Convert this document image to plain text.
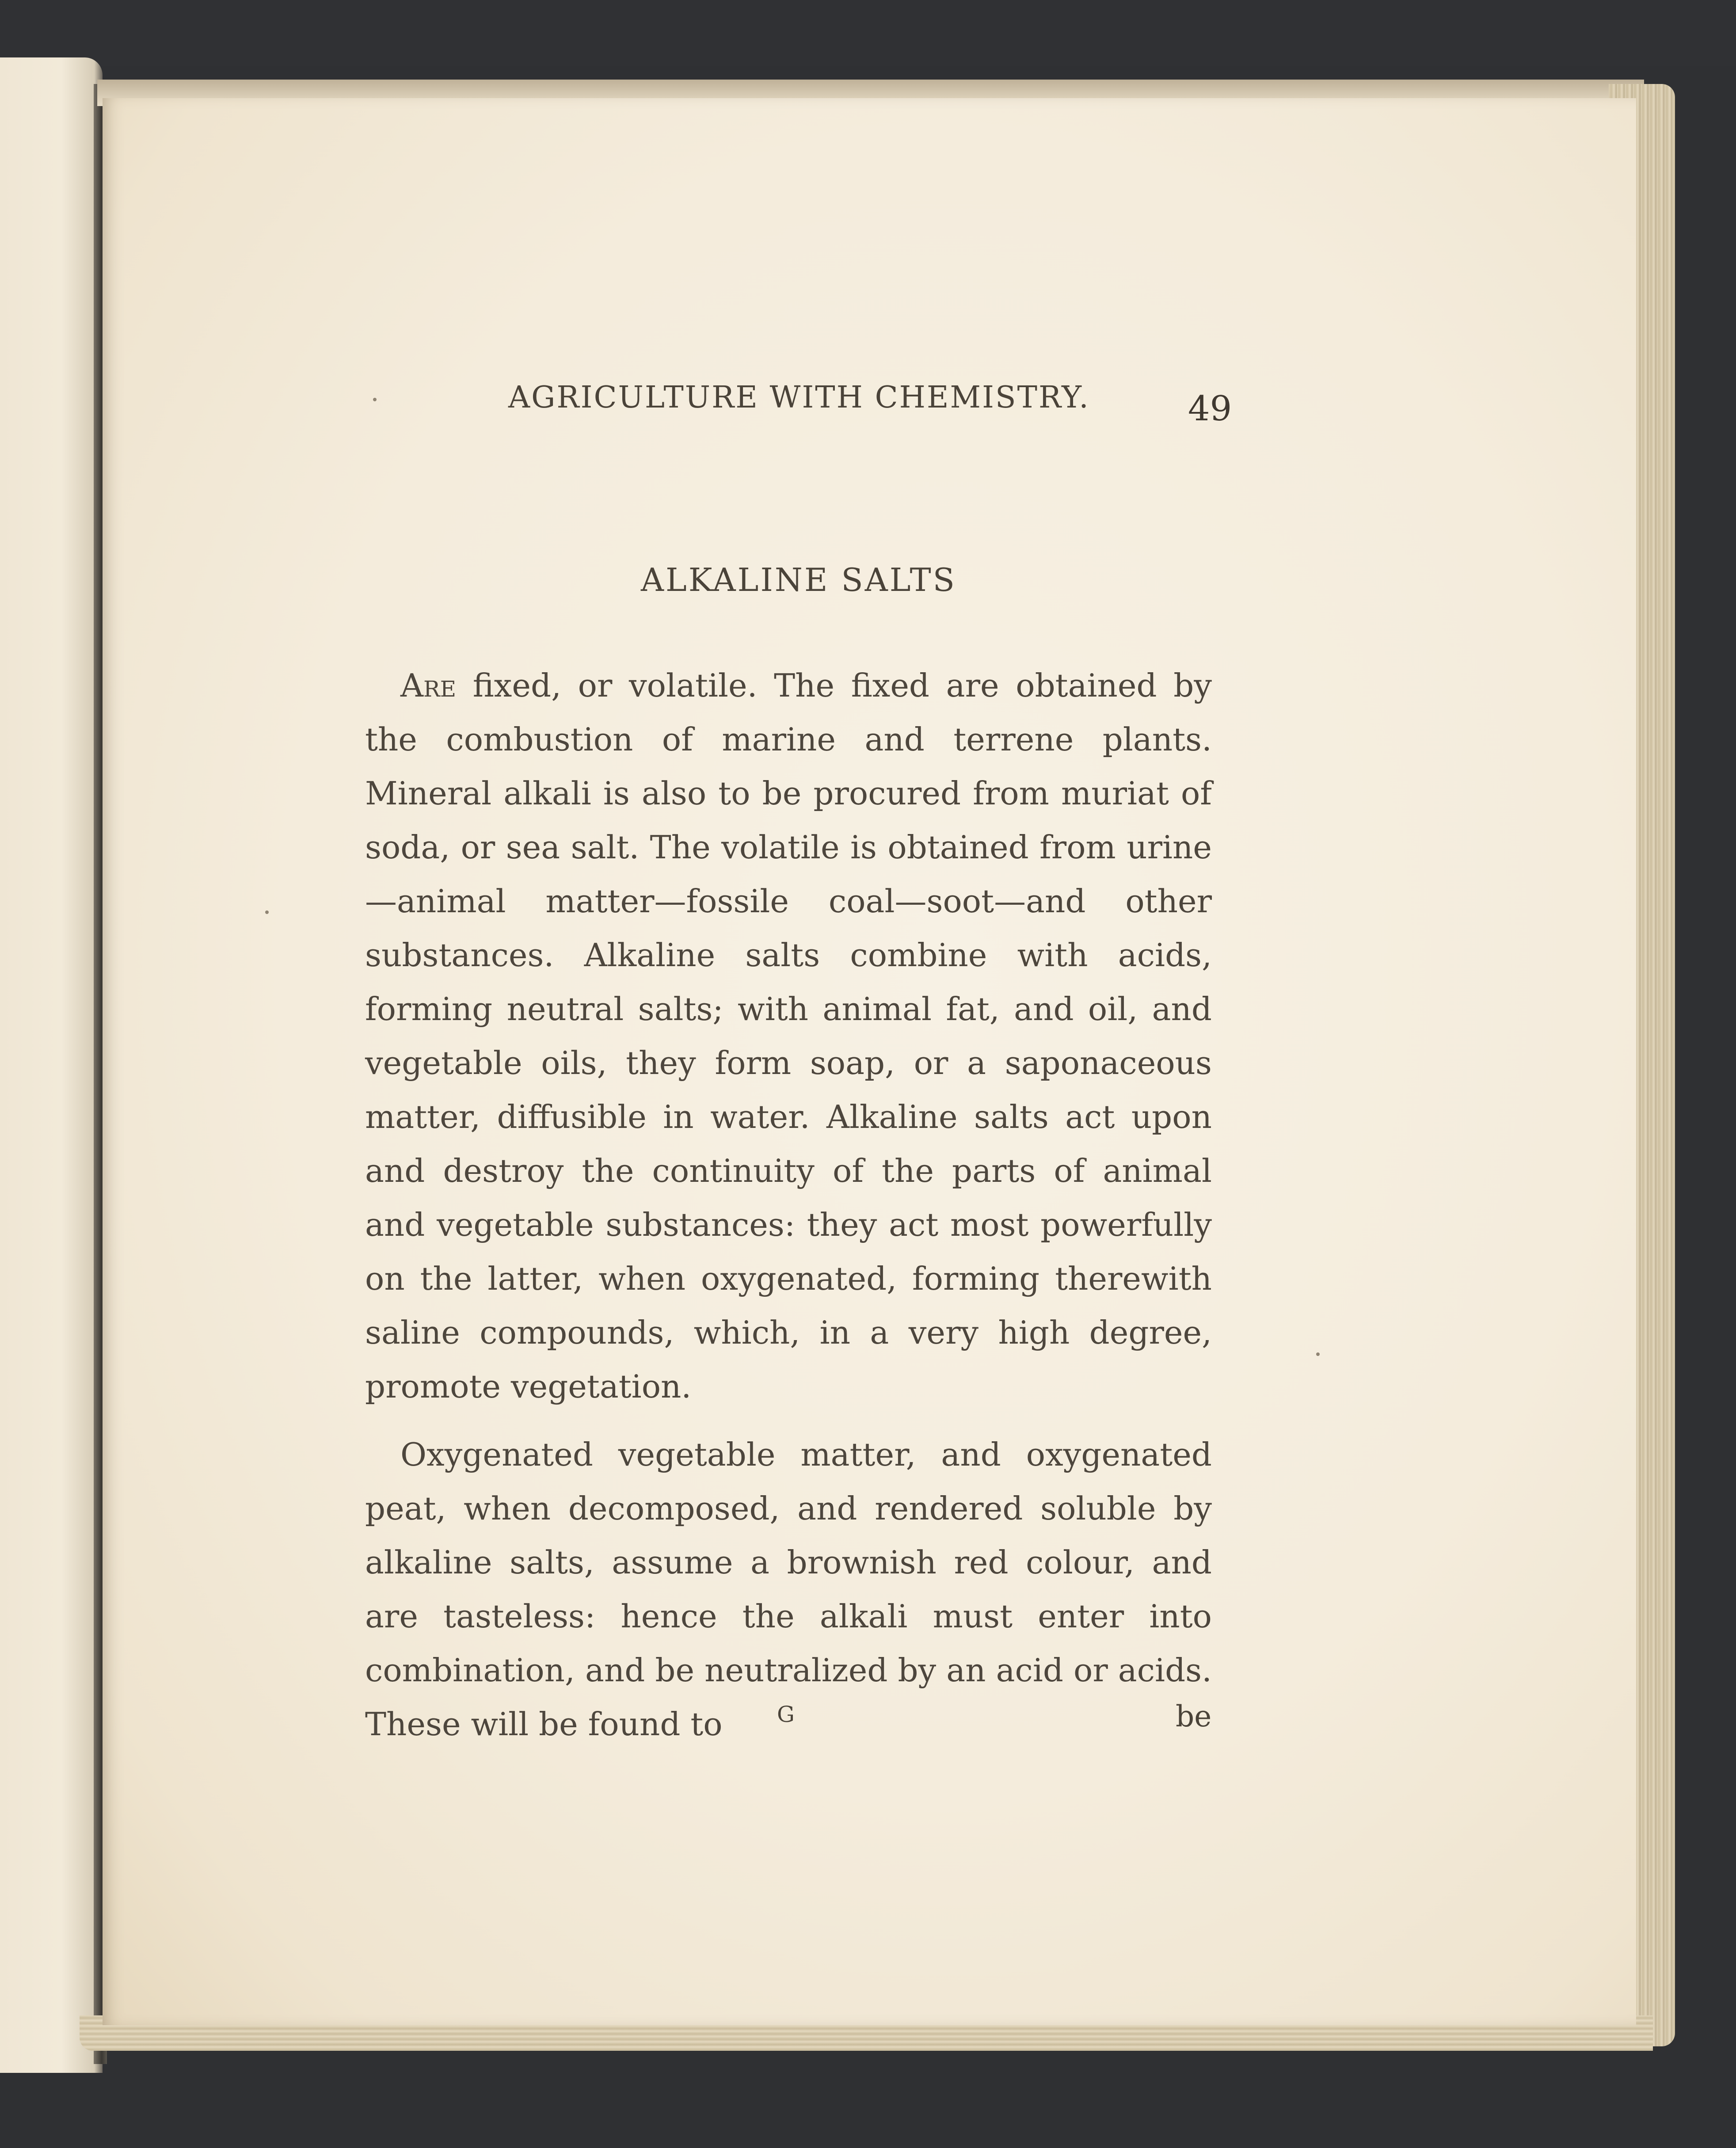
AGRICULTURE WITH CHEMISTRY.	49
ALKALINE SALTS

Are fixed, or volatile. The fixed are obtained by the combustion of marine and terrene plants. Mineral alkali is also to be procured from muriat of soda, or sea salt. The volatile is obtained from urine—animal matter—fossile coal—soot—and other substances. Alkaline salts combine with acids, forming neutral salts; with animal fat, and oil, and vegetable oils, they form soap, or a saponaceous matter, diffusible in water. Alkaline salts act upon and destroy the continuity of the parts of animal and vegetable substances: they act most powerfully on the latter, when oxygenated, forming therewith saline compounds, which, in a very high degree, promote vegetation.

Oxygenated vegetable matter, and oxygenated peat, when decomposed, and rendered soluble by alkaline salts, assume a brownish red colour, and are tasteless: hence the alkali must enter into combination, and be neutralized by an acid or acids. These will be found to	G	be
